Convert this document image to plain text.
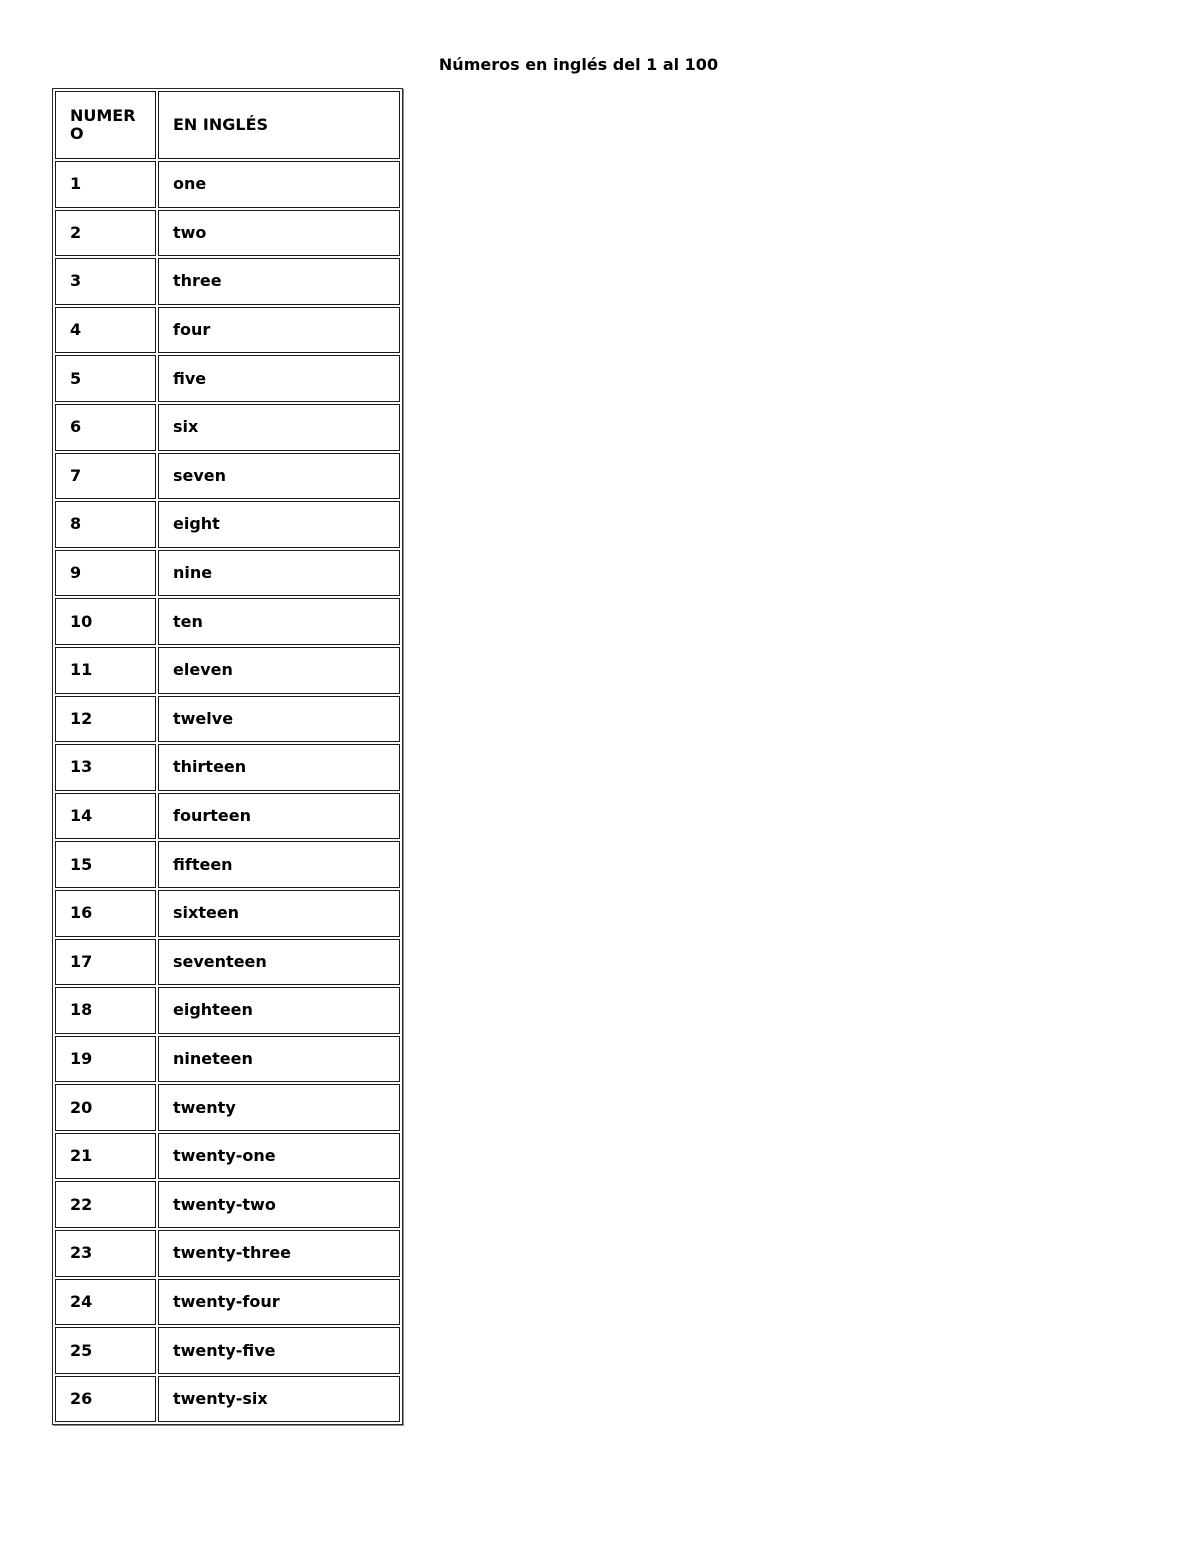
Números en inglés del 1 al 100
NUMERO	EN INGLÉS
1	one
2	two
3	three
4	four
5	five
6	six
7	seven
8	eight
9	nine
10	ten
11	eleven
12	twelve
13	thirteen
14	fourteen
15	fifteen
16	sixteen
17	seventeen
18	eighteen
19	nineteen
20	twenty
21	twenty-one
22	twenty-two
23	twenty-three
24	twenty-four
25	twenty-five
26	twenty-six
